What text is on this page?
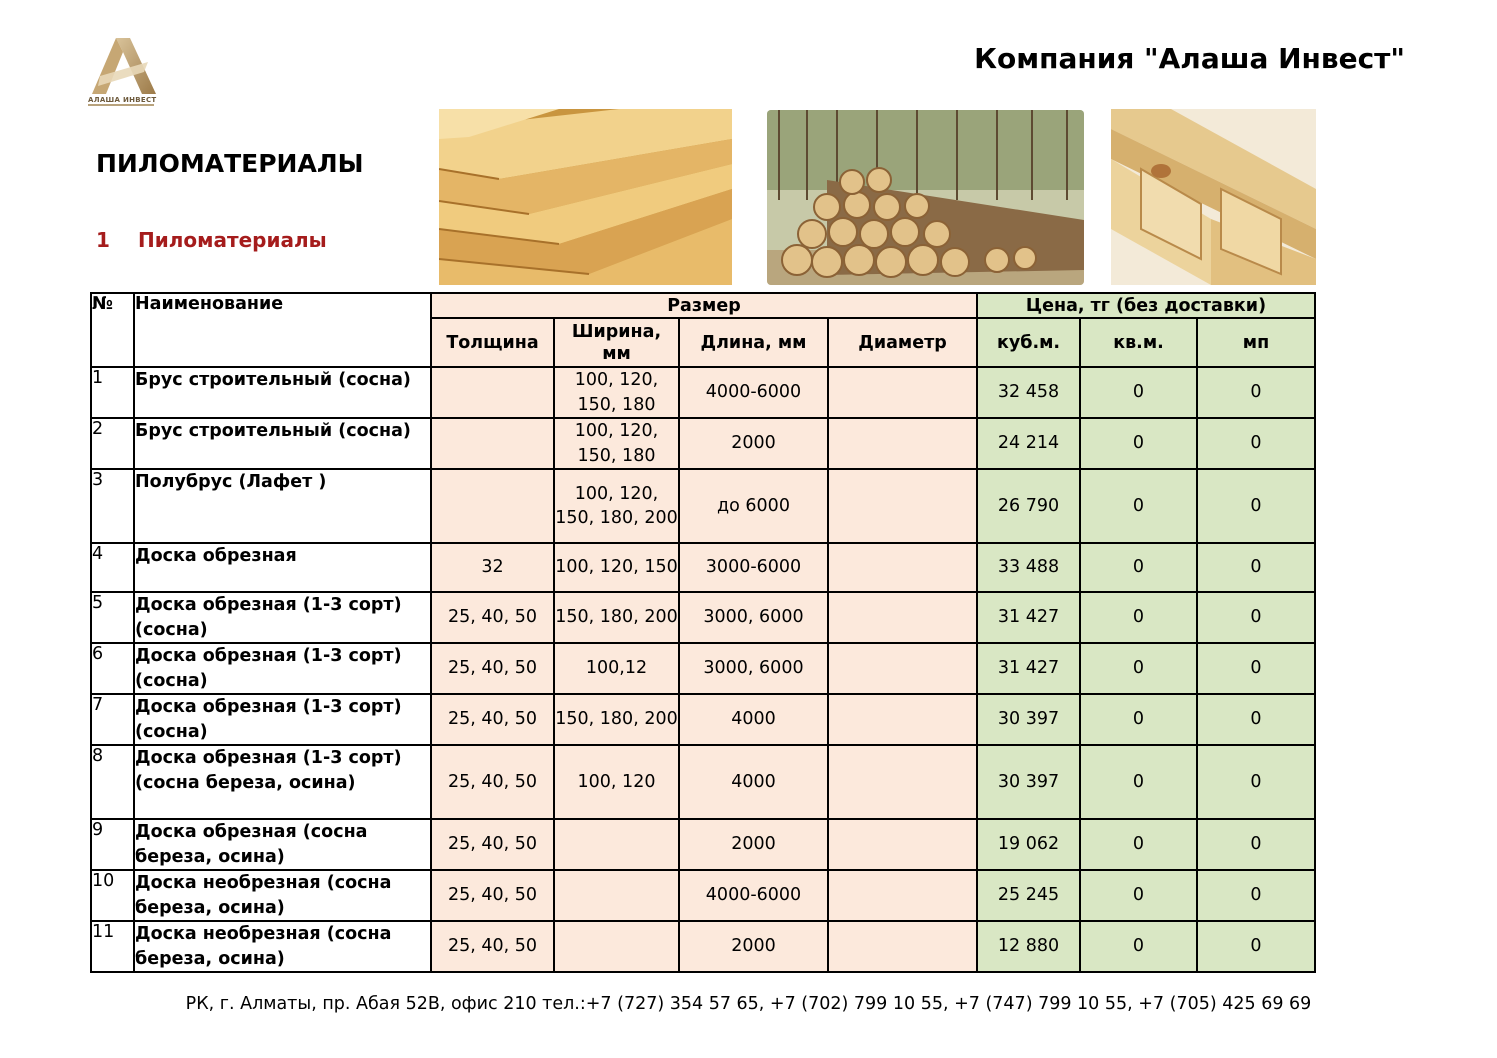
АЛАША ИНВЕСТ
Компания "Алаша Инвест"
ПИЛОМАТЕРИАЛЫ
1 Пиломатериалы
№	Наименование	Размер				Цена, тг (без доставки)		
		Толщина	Ширина, мм	Длина, мм	Диаметр	куб.м.	кв.м.	мп
1	Брус строительный (сосна)		100, 120, 150, 180	4000-6000		32 458	0	0
2	Брус строительный (сосна)		100, 120, 150, 180	2000		24 214	0	0
3	Полубрус (Лафет )		100, 120, 150, 180, 200	до 6000		26 790	0	0
4	Доска обрезная	32	100, 120, 150	3000-6000		33 488	0	0
5	Доска обрезная (1-3 сорт) (сосна)	25, 40, 50	150, 180, 200	3000, 6000		31 427	0	0
6	Доска обрезная (1-3 сорт) (сосна)	25, 40, 50	100,12	3000, 6000		31 427	0	0
7	Доска обрезная (1-3 сорт) (сосна)	25, 40, 50	150, 180, 200	4000		30 397	0	0
8	Доска обрезная (1-3 сорт) (сосна береза, осина)	25, 40, 50	100, 120	4000		30 397	0	0
9	Доска обрезная (сосна береза, осина)	25, 40, 50		2000		19 062	0	0
10	Доска необрезная (сосна береза, осина)	25, 40, 50		4000-6000		25 245	0	0
11	Доска необрезная (сосна береза, осина)	25, 40, 50		2000		12 880	0	0
РК, г. Алматы, пр. Абая 52В, офис 210 тел.:+7 (727) 354 57 65, +7 (702) 799 10 55, +7 (747) 799 10 55, +7 (705) 425 69 69
